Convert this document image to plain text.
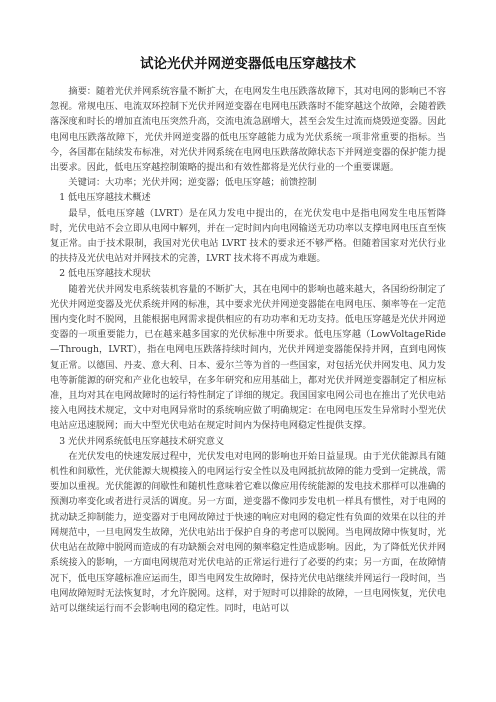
试论光伏并网逆变器低电压穿越技术

摘要：随着光伏并网系统容量不断扩大，在电网发生电压跌落故障下，其对电网的影响已不容忽视。常规电压、电流双环控制下光伏并网逆变器在电网电压跌落时不能穿越这个故障，会随着跌落深度和时长的增加直流电压突然升高，交流电流急剧增大，甚至会发生过流而烧毁逆变器。因此电网电压跌落故障下，光伏并网逆变器的低电压穿越能力成为光伏系统一项非常重要的指标。当今，各国都在陆续发布标准，对光伏并网系统在电网电压跌落故障状态下并网逆变器的保护能力提出要求。因此，低电压穿越控制策略的提出和有效性都将是光伏行业的一个重要课题。

关键词：大功率；光伏并网；逆变器；低电压穿越；前馈控制

1 低电压穿越技术概述

最早，低电压穿越（LVRT）是在风力发电中提出的，在光伏发电中是指电网发生电压暂降时，光伏电站不会立即从电网中解列，并在一定时间内向电网输送无功功率以支撑电网电压直至恢复正常。由于技术限制，我国对光伏电站 LVRT 技术的要求还不够严格。但随着国家对光伏行业的扶持及光伏电站对并网技术的完善，LVRT 技术将不再成为难题。

2 低电压穿越技术现状

随着光伏并网发电系统装机容量的不断扩大，其在电网中的影响也越来越大，各国纷纷制定了光伏并网逆变器及光伏系统并网的标准，其中要求光伏并网逆变器能在电网电压、频率等在一定范围内变化时不脱网，且能根据电网需求提供相应的有功功率和无功支持。低电压穿越是光伏并网逆变器的一项重要能力，已在越来越多国家的光伏标准中所要求。低电压穿越（LowVoltageRide—Through，LVRT），指在电网电压跌落持续时间内，光伏并网逆变器能保持并网，直到电网恢复正常。以德国、丹麦、意大利、日本、爱尔兰等为首的一些国家，对包括光伏并网发电、风力发电等新能源的研究和产业化也较早，在多年研究和应用基础上，都对光伏并网逆变器制定了相应标准，且均对其在电网故障时的运行特性制定了详细的规定。我国国家电网公司也在推出了光伏电站接入电网技术规定，文中对电网异常时的系统响应做了明确规定：在电网电压发生异常时小型光伏电站应迅速脱网；而大中型光伏电站在规定时间内为保持电网稳定性提供支撑。

3 光伏并网系统低电压穿越技术研究意义

在光伏发电的快速发展过程中，光伏发电对电网的影响也开始日益显现。由于光伏能源具有随机性和间歇性，光伏能源大规模接入的电网运行安全性以及电网抵抗故障的能力受到一定挑战，需要加以重视。光伏能源的间歇性和随机性意味着它难以像应用传统能源的发电技术那样可以准确的预测功率变化或者进行灵活的调度。另一方面，逆变器不像同步发电机一样具有惯性，对于电网的扰动缺乏抑制能力，逆变器对于电网故障过于快速的响应对电网的稳定性有负面的效果在以往的并网规范中，一旦电网发生故障，光伏电站出于保护自身的考虑可以脱网。当电网故障中恢复时，光伏电站在故障中脱网而造成的有功缺额会对电网的频率稳定性造成影响。因此，为了降低光伏并网系统接入的影响，一方面电网规范对光伏电站的正常运行进行了必要的约束；另一方面，在故障情况下，低电压穿越标准应运而生，即当电网发生故障时，保持光伏电站继续并网运行一段时间，当电网故障短时无法恢复时，才允许脱网。这样，对于短时可以排除的故障，一旦电网恢复，光伏电站可以继续运行而不会影响电网的稳定性。同时，电站可以
